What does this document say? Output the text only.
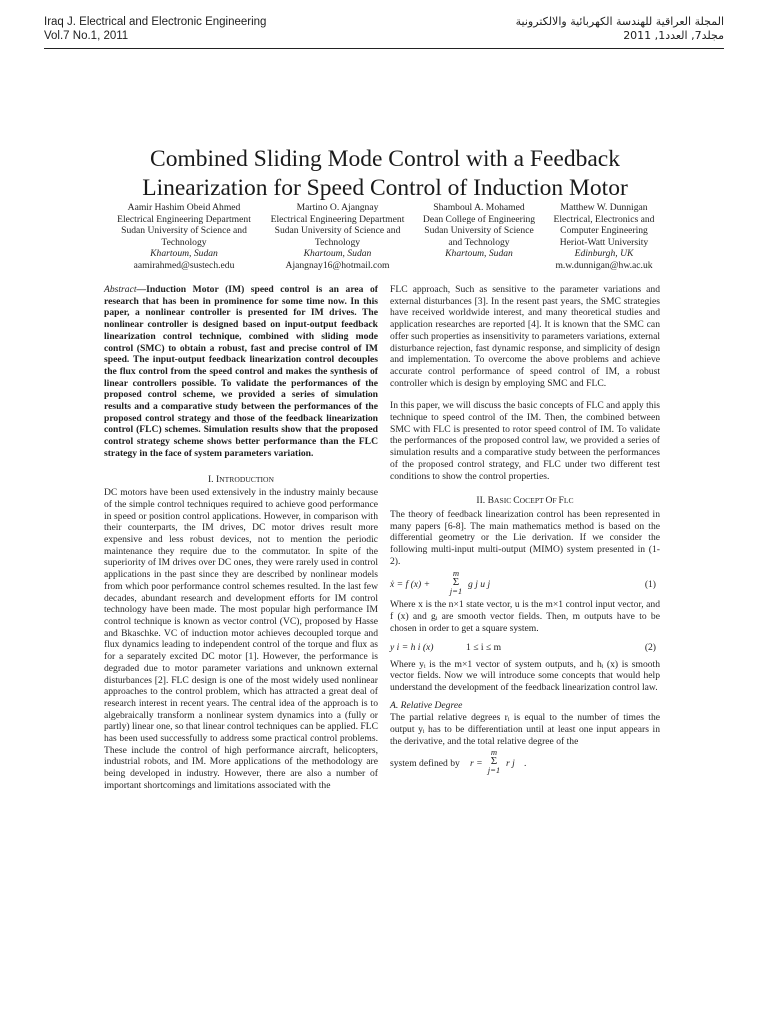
Iraq J. Electrical and Electronic Engineering
Vol.7 No.1, 2011
المجلة العراقية للهندسة الكهربائية والالكترونية
مجلد7, العدد1, 2011
Combined Sliding Mode Control with a Feedback
Linearization for Speed Control of Induction Motor
Aamir Hashim Obeid Ahmed
Electrical Engineering Department
Sudan University of Science and
Technology
Khartoum, Sudan
aamirahmed@sustech.edu
Martino O. Ajangnay
Electrical Engineering Department
Sudan University of Science and
Technology
Khartoum, Sudan
Ajangnay16@hotmail.com
Shamboul A. Mohamed
Dean College of Engineering
Sudan University of Science
and Technology
Khartoum, Sudan
Matthew W. Dunnigan
Electrical, Electronics and
Computer Engineering
Heriot-Watt University
Edinburgh, UK
m.w.dunnigan@hw.ac.uk

Abstract—Induction Motor (IM) speed control is an area of research that has been in prominence for some time now. In this paper, a nonlinear controller is presented for IM drives. The nonlinear controller is designed based on input-output feedback linearization control technique, combined with sliding mode control (SMC) to obtain a robust, fast and precise control of IM speed. The input-output feedback linearization control decouples the flux control from the speed control and makes the synthesis of linear controllers possible. To validate the performances of the proposed control scheme, we provided a series of simulation results and a comparative study between the performances of the proposed control strategy and those of the feedback linearization control (FLC) schemes. Simulation results show that the proposed control strategy scheme shows better performance than the FLC strategy in the face of system parameters variation.

I. INTRODUCTION

DC motors have been used extensively in the industry mainly because of the simple control techniques required to achieve good performance in speed or position control applications. However, in comparison with their counterparts, the IM drives, DC motor drives result more expensive and less robust devices, not to mention the periodic maintenance they require due to the commutator. In spite of the superiority of IM drives over DC ones, they were rarely used in control applications in the past since they are described by nonlinear models from which poor performance control schemes resulted. In the last few decades, abundant research and development efforts for IM control technology have been made. The most popular high performance IM control technique is known as vector control (VC), proposed by Hasse and Bkaschke. VC of induction motor achieves decoupled torque and flux dynamics leading to independent control of the torque and flux as for a separately excited DC motor [1]. However, the performance is degraded due to motor parameter variations and unknown external disturbances [2]. FLC design is one of the most widely used nonlinear approaches to the control problem, which has attracted a great deal of research interest in recent years. The central idea of the approach is to algebraically transform a nonlinear system dynamics into a (fully or partly) linear one, so that linear control techniques can be applied. FLC has been used successfully to address some practical control problems. These include the control of high performance aircraft, helicopters, industrial robots, and IM. More applications of the methodology are being developed in industry. However, there are also a number of important shortcomings and limitations associated with the

FLC approach, Such as sensitive to the parameter variations and external disturbances [3]. In the resent past years, the SMC strategies have received worldwide interest, and many theoretical studies and application researches are reported [4]. It is known that the SMC can offer such properties as insensitivity to parameters variations, external disturbance rejection, fast dynamic response, and simplicity of design and implementation. To overcome the above problems and achieve accurate control performance of speed control of IM, a robust controller which is design by employing SMC and FLC.

In this paper, we will discuss the basic concepts of FLC and apply this technique to speed control of the IM. Then, the combined between SMC with FLC is presented to rotor speed control of IM. To validate the performances of the proposed control law, we provided a series of simulation results and a comparative study between the performances of the proposed control strategy, and FLC under two different test conditions to show the control properties.

II. BASIC COCEPT OF FLC

The theory of feedback linearization control has been represented in many papers [6-8]. The main mathematics method is based on the differential geometry or the Lie derivation. If we consider the following multi-input multi-output (MIMO) system presented in (1-2).

ẋ = f (x) +
m
Σ
j=1
g j u j	(1)

Where x is the n×1 state vector, u is the m×1 control input vector, and f (x) and gᵢ are smooth vector fields. Then, m outputs have to be chosen in order to get a square system.

y i = h i (x)	1 ≤ i ≤ m	(2)

Where yᵢ is the m×1 vector of system outputs, and hᵢ (x) is smooth vector fields. Now we will introduce some concepts that would help understand the development of the feedback linearization control law.

A. Relative Degree

The partial relative degrees rᵢ is equal to the number of times the output yᵢ has to be differentiation until at least one input appears in the derivative, and the total relative degree of the

system defined by r =
m
Σ
j=1
r j .
